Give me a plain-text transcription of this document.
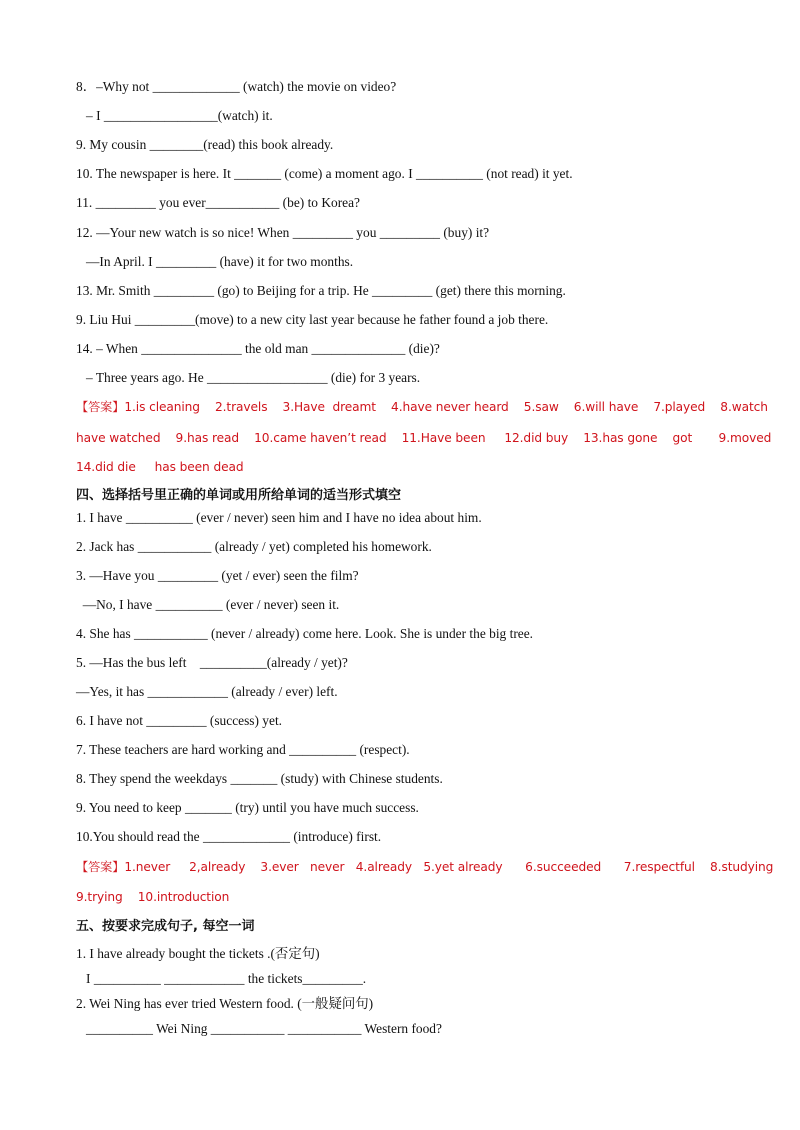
8．–Why not _____________ (watch) the movie on video?
– I _________________(watch) it.
9. My cousin ________(read) this book already.
10. The newspaper is here. It _______ (come) a moment ago. I __________ (not read) it yet.
11. _________ you ever___________ (be) to Korea?
12. —Your new watch is so nice! When _________ you _________ (buy) it?
—In April. I _________ (have) it for two months.
13. Mr. Smith _________ (go) to Beijing for a trip. He _________ (get) there this morning.
9. Liu Hui _________(move) to a new city last year because he father found a job there.
14. – When _______________ the old man ______________ (die)?
– Three years ago. He __________________ (die) for 3 years.
【答案】1.is cleaning    2.travels    3.Have  dreamt    4.have never heard    5.saw    6.will have    7.played    8.watch
have watched    9.has read    10.came haven’t read    11.Have been     12.did buy    13.has gone    got       9.moved
14.did die     has been dead
四、选择括号里正确的单词或用所给单词的适当形式填空
1. I have __________ (ever / never) seen him and I have no idea about him.
2. Jack has ___________ (already / yet) completed his homework.
3. —Have you _________ (yet / ever) seen the film?
—No, I have __________ (ever / never) seen it.
4. She has ___________ (never / already) come here. Look. She is under the big tree.
5. —Has the bus left    __________(already / yet)?
—Yes, it has ____________ (already / ever) left.
6. I have not _________ (success) yet.
7. These teachers are hard working and __________ (respect).
8. They spend the weekdays _______ (study) with Chinese students.
9. You need to keep _______ (try) until you have much success.
10.You should read the _____________ (introduce) first.
【答案】1.never     2,already    3.ever   never   4.already   5.yet already      6.succeeded      7.respectful    8.studying
9.trying    10.introduction
五、按要求完成句子, 每空一词
1. I have already bought the tickets .(否定句)
I __________ ____________ the tickets_________.
2. Wei Ning has ever tried Western food. (一般疑问句)
__________ Wei Ning ___________ ___________ Western food?
